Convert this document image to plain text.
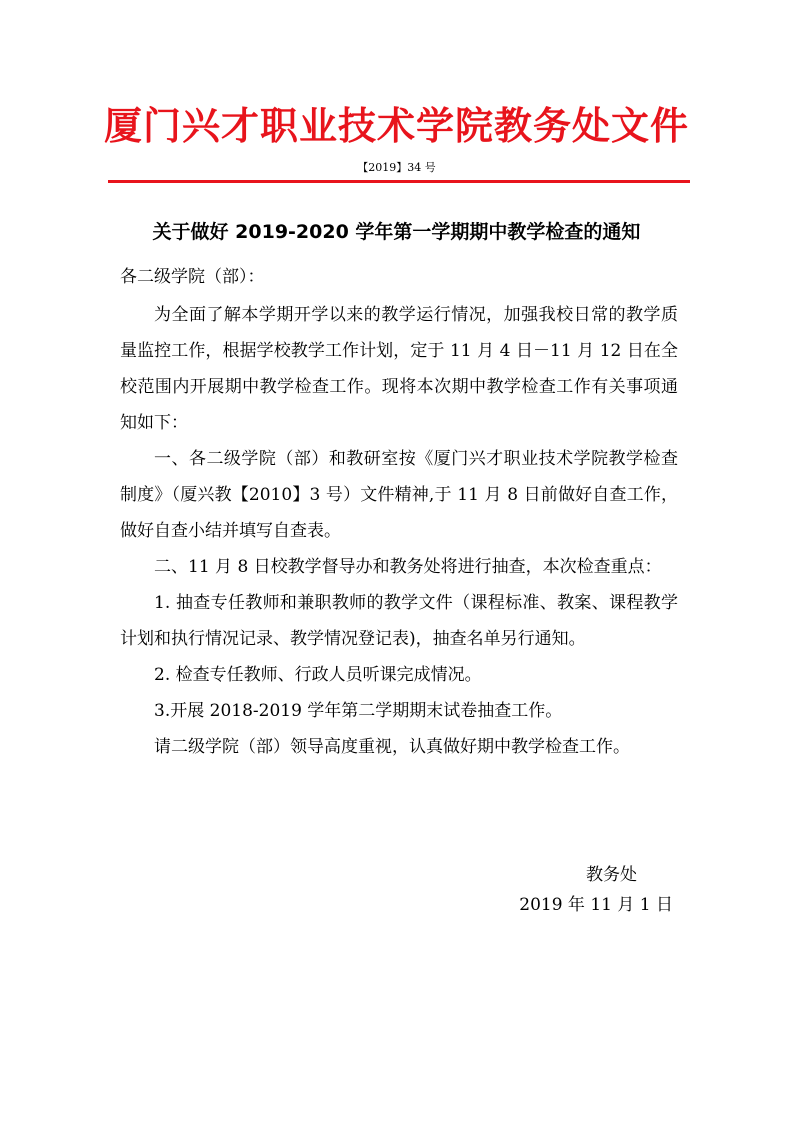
厦门兴才职业技术学院教务处文件
【2019】34 号
关于做好 2019-2020 学年第一学期期中教学检查的通知
各二级学院（部）：

为全面了解本学期开学以来的教学运行情况，加强我校日常的教学质量监控工作，根据学校教学工作计划，定于 11 月 4 日－11 月 12 日在全校范围内开展期中教学检查工作。现将本次期中教学检查工作有关事项通知如下：

一、各二级学院（部）和教研室按《厦门兴才职业技术学院教学检查制度》（厦兴教【2010】3 号）文件精神,于 11 月 8 日前做好自查工作，做好自查小结并填写自查表。

二、11 月 8 日校教学督导办和教务处将进行抽查，本次检查重点：

1. 抽查专任教师和兼职教师的教学文件（课程标准、教案、课程教学计划和执行情况记录、教学情况登记表)，抽查名单另行通知。

2. 检查专任教师、行政人员听课完成情况。

3.开展 2018-2019 学年第二学期期末试卷抽查工作。

请二级学院（部）领导高度重视，认真做好期中教学检查工作。

教务处
2019 年 11 月 1 日
